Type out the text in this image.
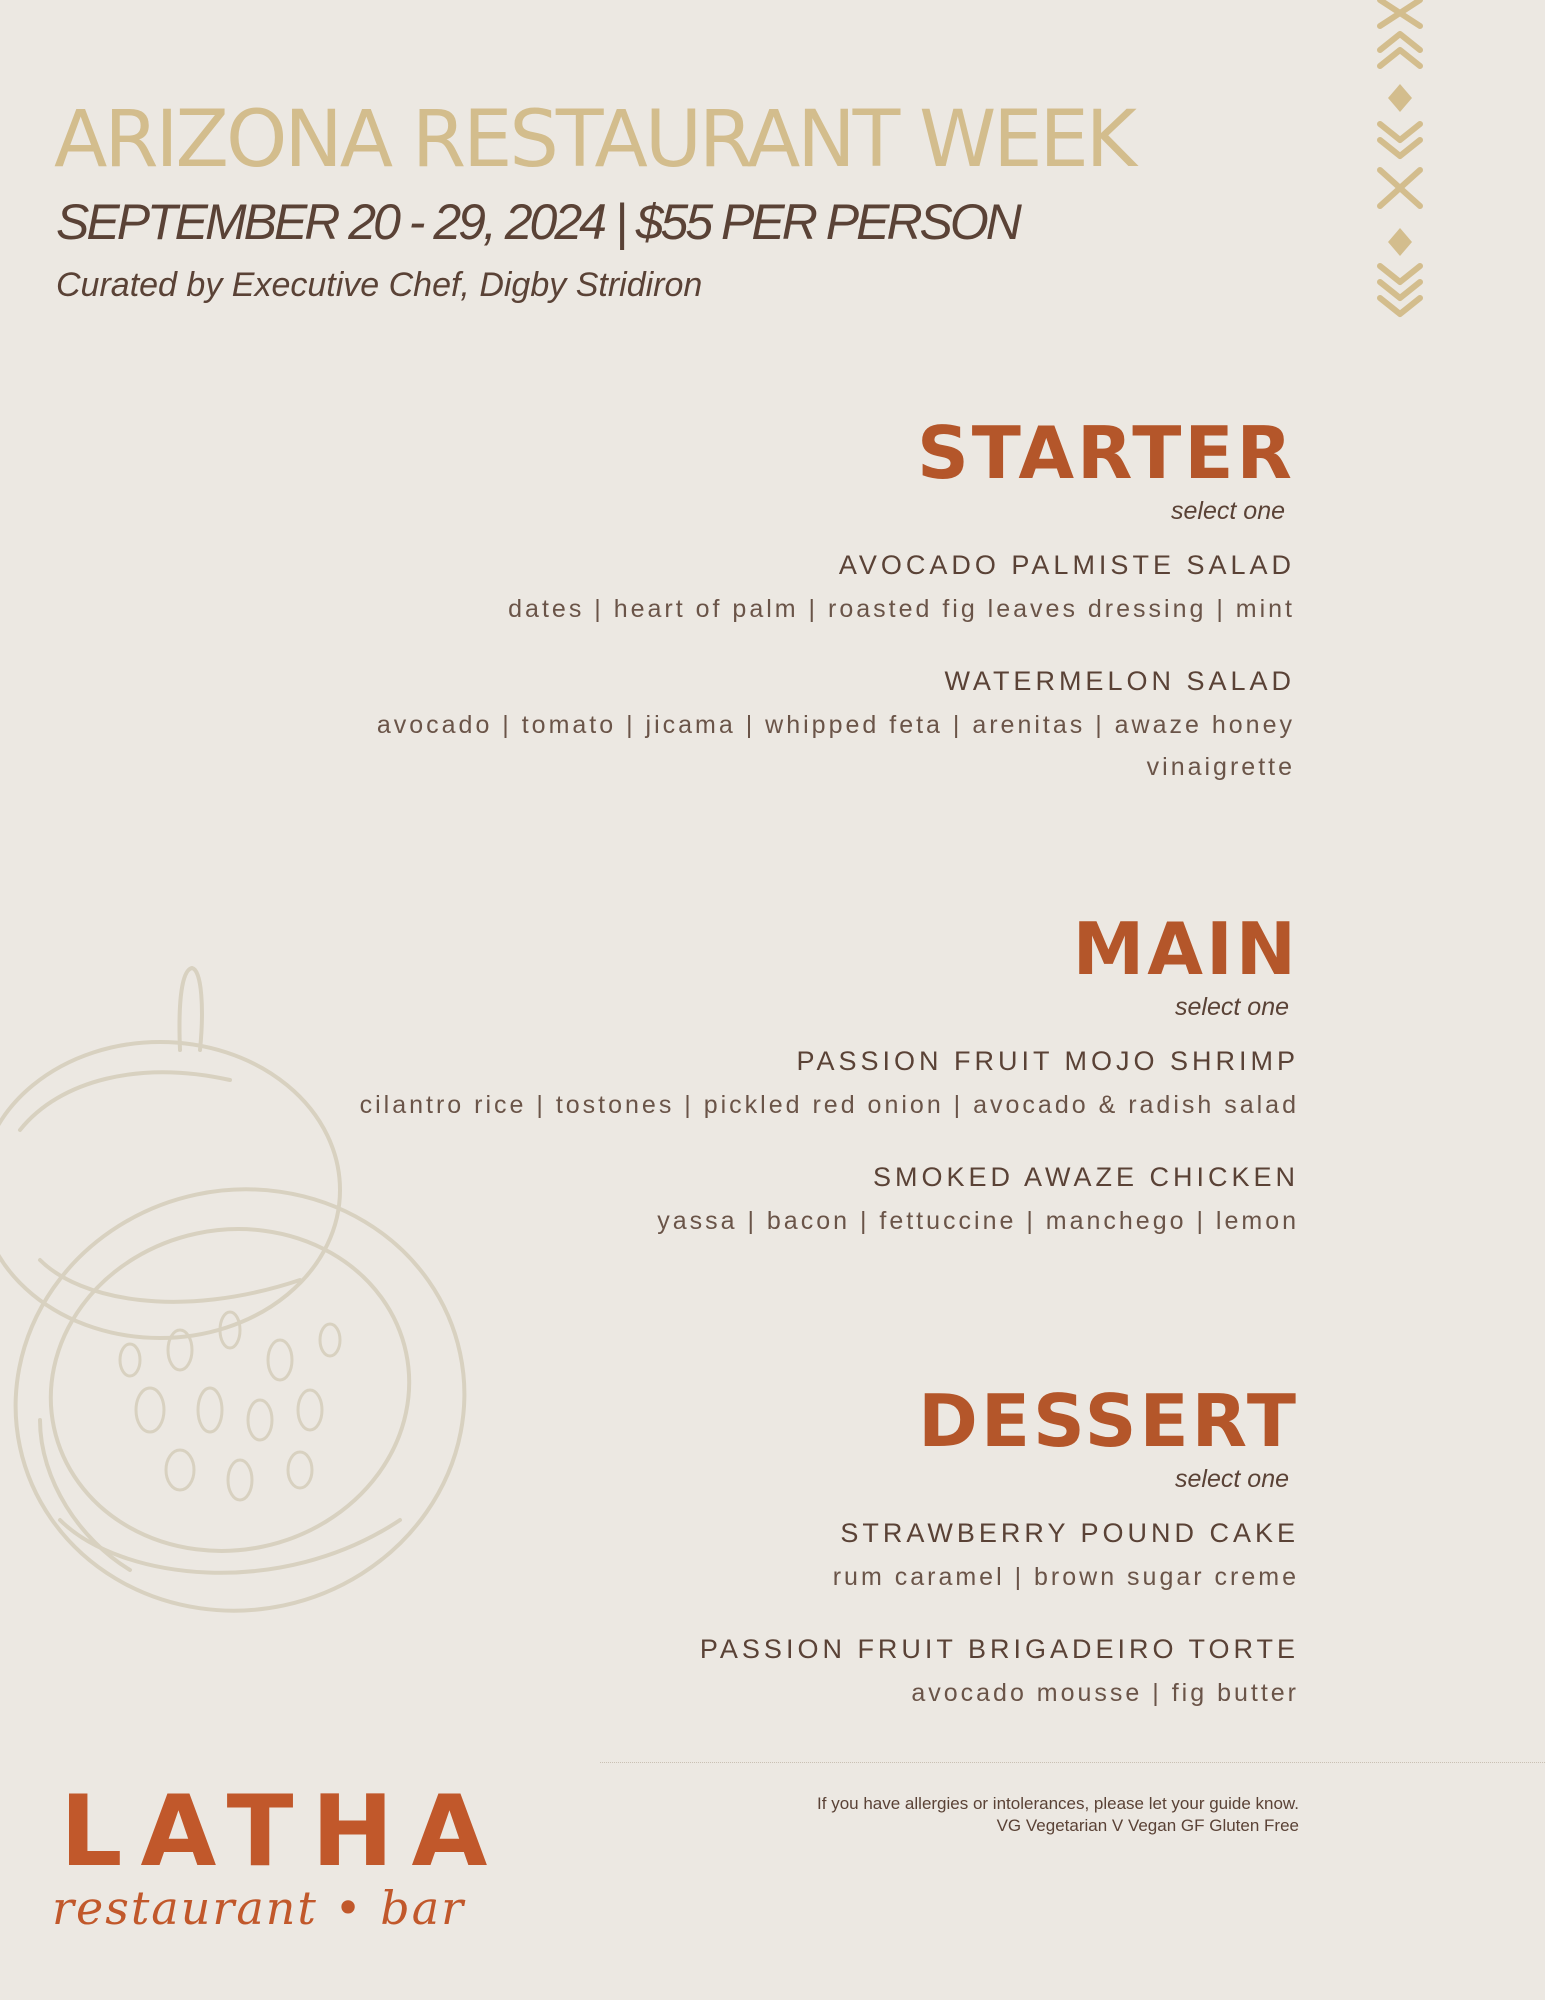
ARIZONA RESTAURANT WEEK
SEPTEMBER 20 - 29, 2024 | $55 PER PERSON
Curated by Executive Chef, Digby Stridiron
STARTER
select one
AVOCADO PALMISTE SALAD
dates | heart of palm | roasted fig leaves dressing | mint
WATERMELON SALAD
avocado | tomato | jicama | whipped feta | arenitas | awaze honey vinaigrette
MAIN
select one
PASSION FRUIT MOJO SHRIMP
cilantro rice | tostones | pickled red onion | avocado & radish salad
SMOKED AWAZE CHICKEN
yassa | bacon | fettuccine | manchego | lemon
DESSERT
select one
STRAWBERRY POUND CAKE
rum caramel | brown sugar creme
PASSION FRUIT BRIGADEIRO TORTE
avocado mousse | fig butter
If you have allergies or intolerances, please let your guide know.
VG Vegetarian V Vegan GF Gluten Free
LATHA
restaurant • bar
